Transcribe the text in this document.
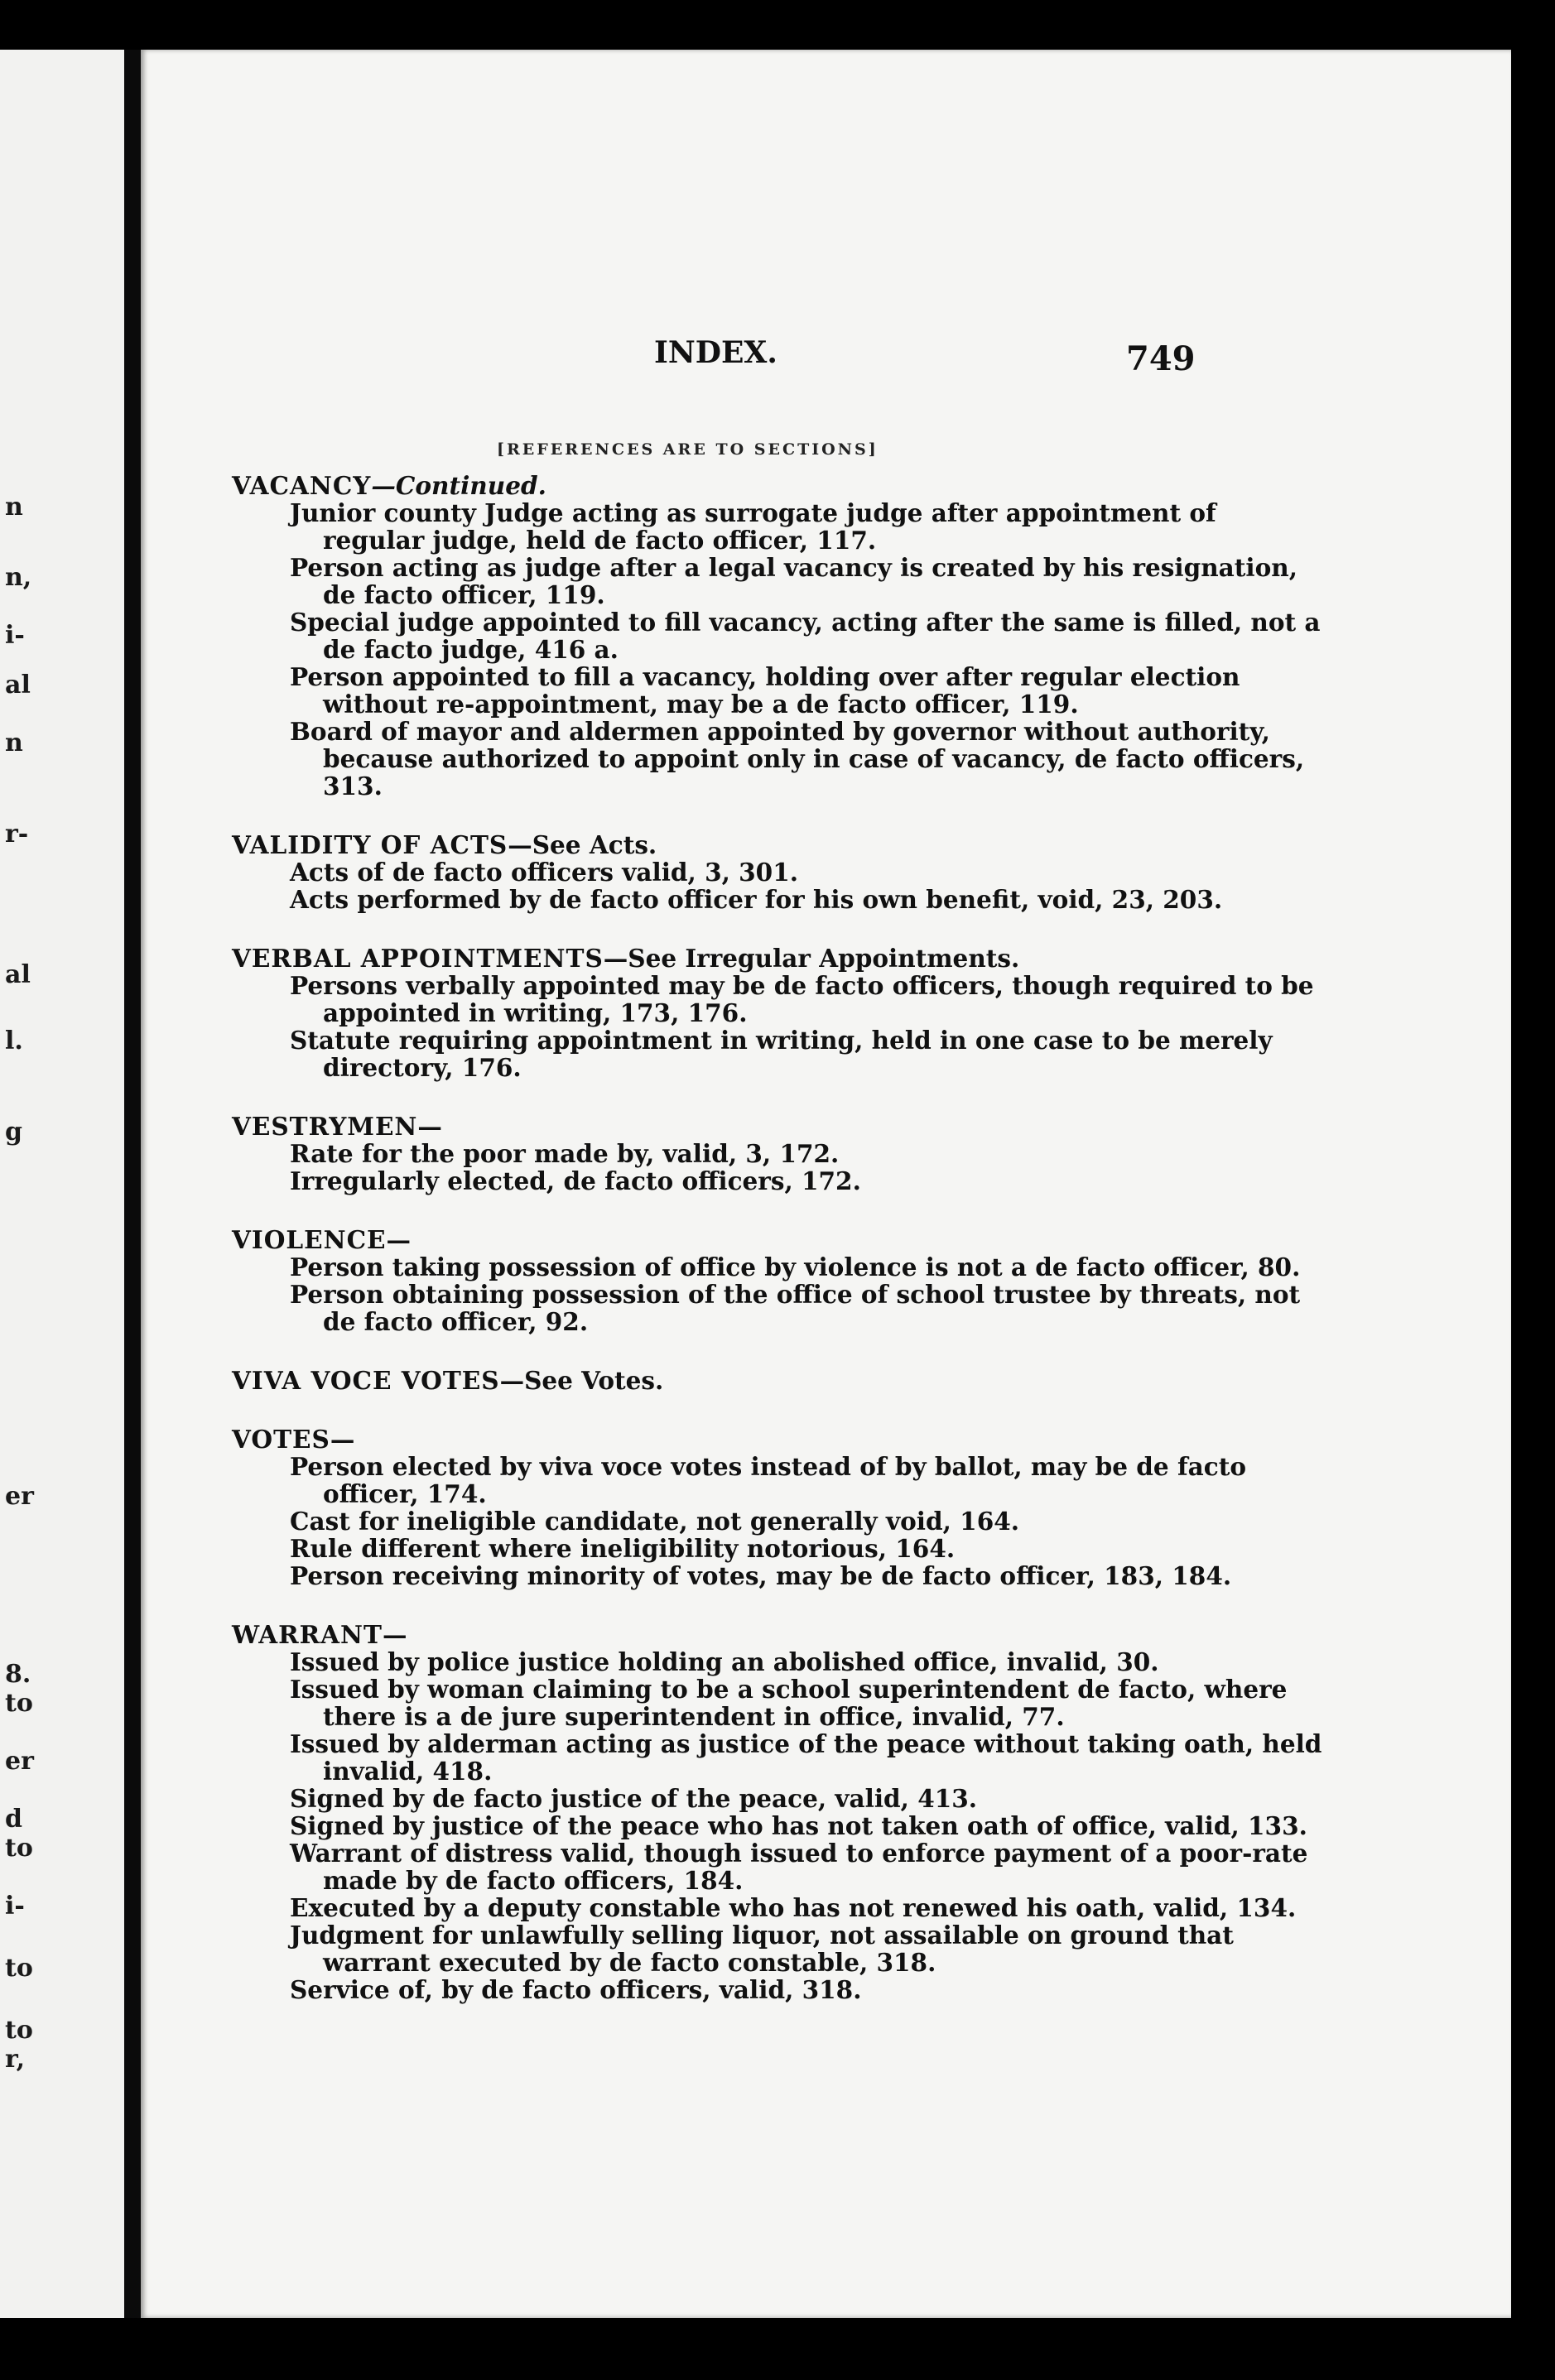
n
n,
i-
al
n
r-
al
l.
g
er
8.
to
er
d
to
i-
to
to
r,
INDEX.	749
[REFERENCES ARE TO SECTIONS]
VACANCY—Continued.
Junior county Judge acting as surrogate judge after appointment of regular judge, held de facto officer, 117.
Person acting as judge after a legal vacancy is created by his resignation, de facto officer, 119.
Special judge appointed to fill vacancy, acting after the same is filled, not a de facto judge, 416 a.
Person appointed to fill a vacancy, holding over after regular election without re-appointment, may be a de facto officer, 119.
Board of mayor and aldermen appointed by governor without authority, because authorized to appoint only in case of vacancy, de facto officers, 313.
VALIDITY OF ACTS—See Acts.
Acts of de facto officers valid, 3, 301.
Acts performed by de facto officer for his own benefit, void, 23, 203.
VERBAL APPOINTMENTS—See Irregular Appointments.
Persons verbally appointed may be de facto officers, though required to be appointed in writing, 173, 176.
Statute requiring appointment in writing, held in one case to be merely directory, 176.
VESTRYMEN—
Rate for the poor made by, valid, 3, 172.
Irregularly elected, de facto officers, 172.
VIOLENCE—
Person taking possession of office by violence is not a de facto officer, 80.
Person obtaining possession of the office of school trustee by threats, not de facto officer, 92.
VIVA VOCE VOTES—See Votes.
VOTES—
Person elected by viva voce votes instead of by ballot, may be de facto officer, 174.
Cast for ineligible candidate, not generally void, 164.
Rule different where ineligibility notorious, 164.
Person receiving minority of votes, may be de facto officer, 183, 184.
WARRANT—
Issued by police justice holding an abolished office, invalid, 30.
Issued by woman claiming to be a school superintendent de facto, where there is a de jure superintendent in office, invalid, 77.
Issued by alderman acting as justice of the peace without taking oath, held invalid, 418.
Signed by de facto justice of the peace, valid, 413.
Signed by justice of the peace who has not taken oath of office, valid, 133.
Warrant of distress valid, though issued to enforce payment of a poor-rate made by de facto officers, 184.
Executed by a deputy constable who has not renewed his oath, valid, 134.
Judgment for unlawfully selling liquor, not assailable on ground that warrant executed by de facto constable, 318.
Service of, by de facto officers, valid, 318.
